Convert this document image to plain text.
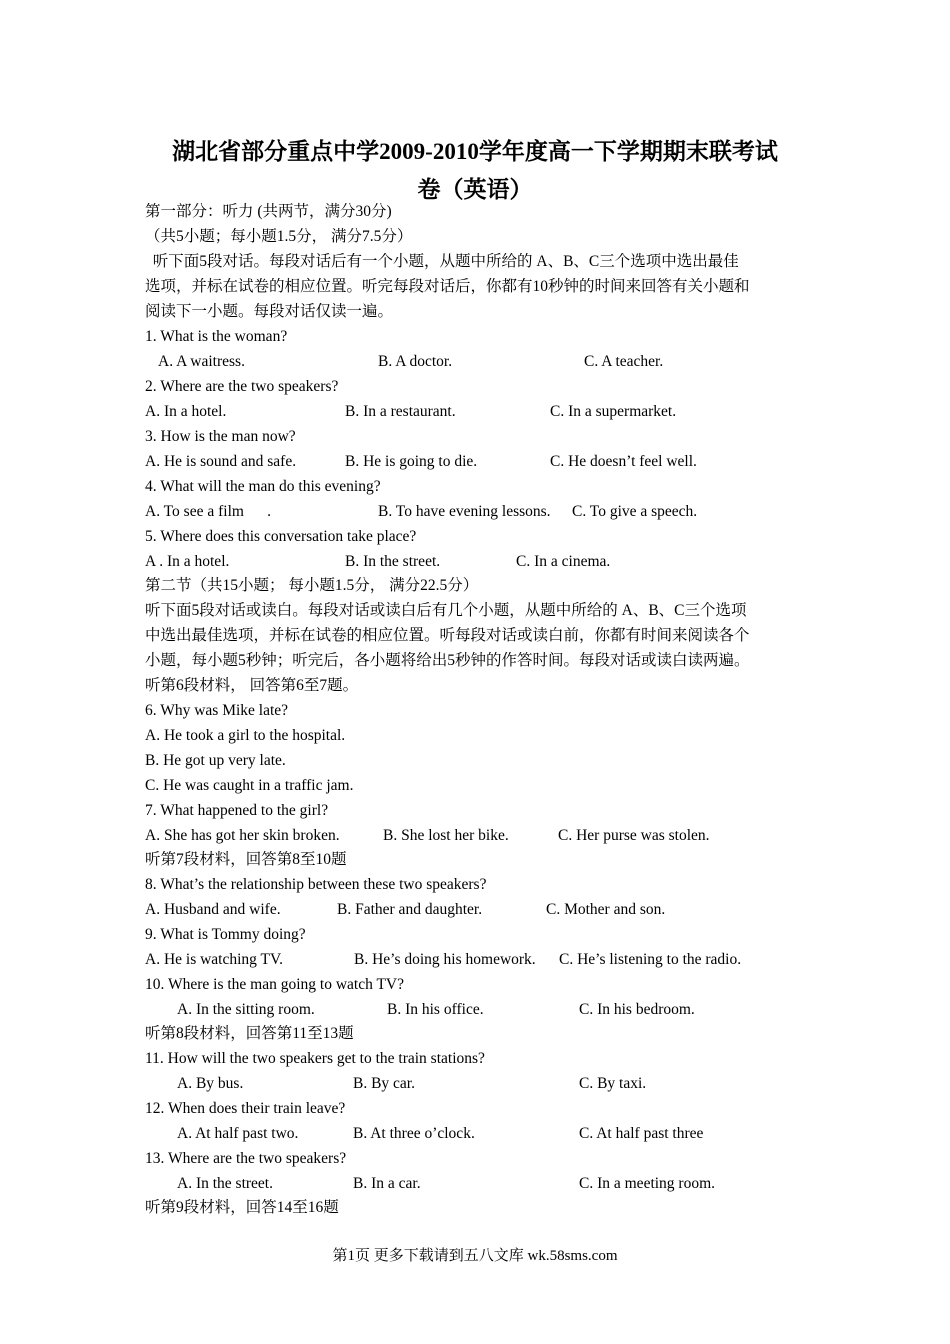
湖北省部分重点中学2009-2010学年度高一下学期期末联考试
卷（英语）
第一部分：听力 (共两节，满分30分)
（共5小题；每小题1.5分， 满分7.5分）
听下面5段对话。每段对话后有一个小题，从题中所给的 A、B、C三个选项中选出最佳
选项，并标在试卷的相应位置。听完每段对话后，你都有10秒钟的时间来回答有关小题和
阅读下一小题。每段对话仅读一遍。
1. What is the woman?
A. A waitress.	B. A doctor.	C. A teacher.
2. Where are the two speakers?
A. In a hotel.	B. In a restaurant.	C. In a supermarket.
3. How is the man now?
A. He is sound and safe.	B. He is going to die.	C. He doesn’t feel well.
4. What will the man do this evening?
A. To see a film      .	B. To have evening lessons. C. To give a speech.
5. Where does this conversation take place?
A . In a hotel.	B. In the street.	C. In a cinema.
第二节（共15小题； 每小题1.5分， 满分22.5分）
听下面5段对话或读白。每段对话或读白后有几个小题，从题中所给的 A、B、C三个选项
中选出最佳选项，并标在试卷的相应位置。听每段对话或读白前，你都有时间来阅读各个
小题，每小题5秒钟；听完后，各小题将给出5秒钟的作答时间。每段对话或读白读两遍。
听第6段材料， 回答第6至7题。
6. Why was Mike late?
A. He took a girl to the hospital.
B. He got up very late.
C. He was caught in a traffic jam.
7. What happened to the girl?
A. She has got her skin broken.	B. She lost her bike.	C. Her purse was stolen.
听第7段材料，回答第8至10题
8. What’s the relationship between these two speakers?
A. Husband and wife.	B. Father and daughter.	C. Mother and son.
9. What is Tommy doing?
A. He is watching TV.	B. He’s doing his homework. C. He’s listening to the radio.
10. Where is the man going to watch TV?
A. In the sitting room.	B. In his office.	C. In his bedroom.
听第8段材料，回答第11至13题
11. How will the two speakers get to the train stations?
A. By bus.	B. By car.	C. By taxi.
12. When does their train leave?
A. At half past two.	B. At three o’clock.	C. At half past three
13. Where are the two speakers?
A. In the street.	B. In a car.	C. In a meeting room.
听第9段材料，回答14至16题
第1页 更多下载请到五八文库 wk.58sms.com
